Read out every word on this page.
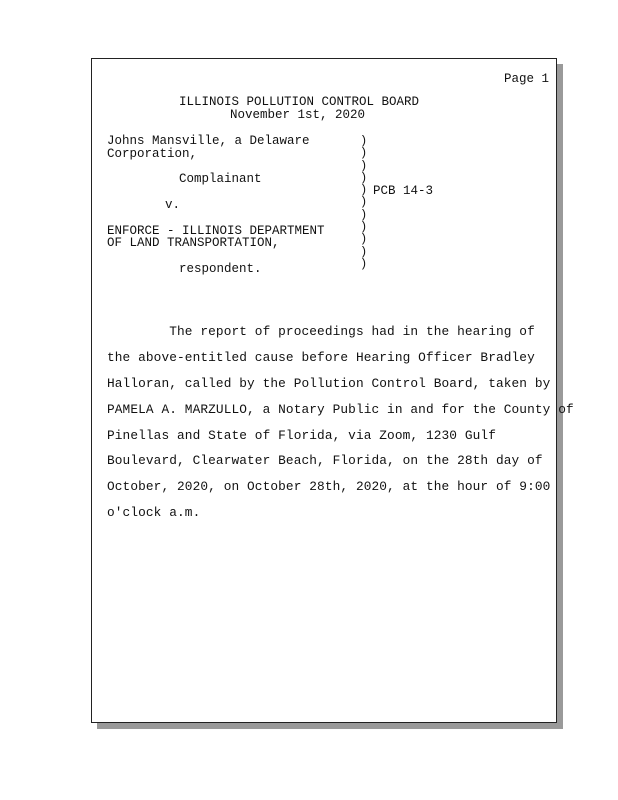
Page 1
ILLINOIS POLLUTION CONTROL BOARD
November 1st, 2020
Johns Mansville, a Delaware
Corporation,
Complainant
v.
ENFORCE - ILLINOIS DEPARTMENT
OF LAND TRANSPORTATION,
respondent.
)
)
)
)
)
)
)
)
)
)
)
PCB 14-3
The report of proceedings had in the hearing of
the above-entitled cause before Hearing Officer Bradley
Halloran, called by the Pollution Control Board, taken by
PAMELA A. MARZULLO, a Notary Public in and for the County of
Pinellas and State of Florida, via Zoom, 1230 Gulf
Boulevard, Clearwater Beach, Florida, on the 28th day of
October, 2020, on October 28th, 2020, at the hour of 9:00
o'clock a.m.
